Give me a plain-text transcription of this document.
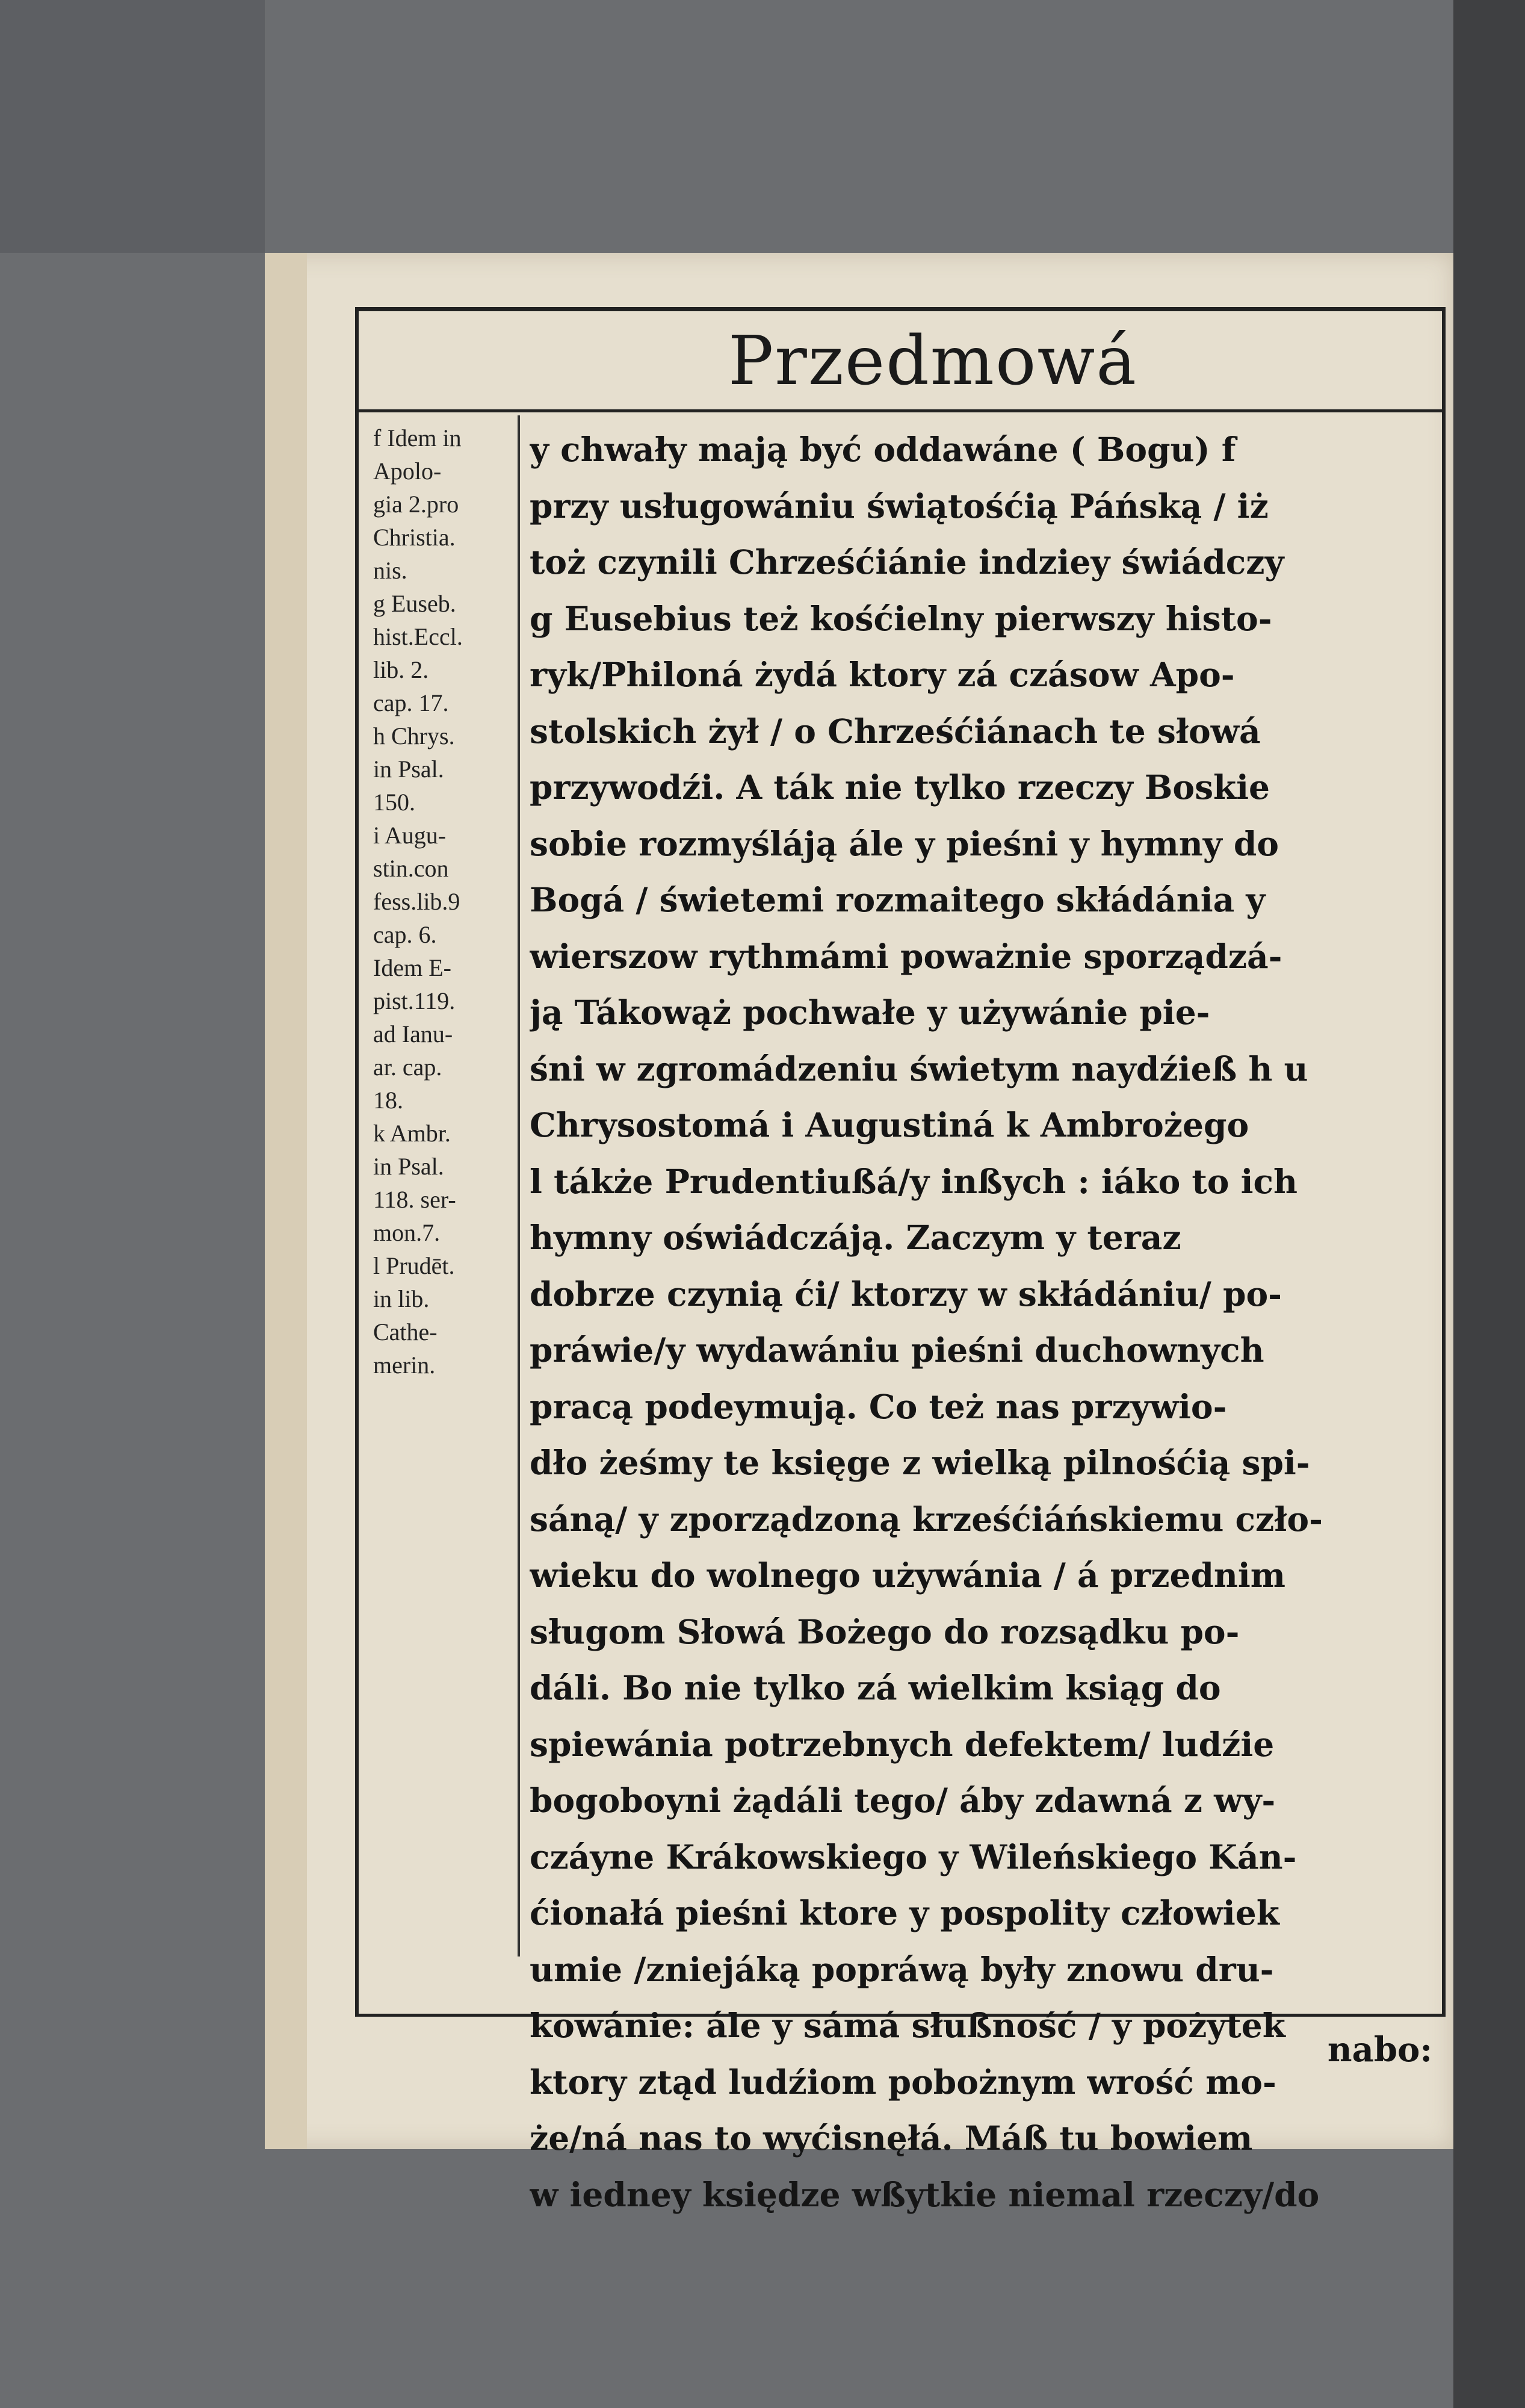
Przedmowá
f Idem in
Apolo-
gia 2.pro
Christia.
nis.
g Euseb.
hist.Eccl.
lib. 2.
cap. 17.
h Chrys.
in Psal.
150.
i Augu-
stin.con
fess.lib.9
cap. 6.
Idem E-
pist.119.
ad Ianu-
ar. cap.
18.
k Ambr.
in Psal.
118. ser-
mon.7.
l Prudēt.
in lib.
Cathe-
merin.
y chwały mają być oddawáne ( Bogu) f
przy usługowániu świątośćią Páńską / iż
toż czynili Chrześćiánie indziey świádczy
g Eusebius też kośćielny pierwszy histo-
ryk/Philoná żydá ktory zá czásow Apo-
stolskich żył / o Chrześćiánach te słowá
przywodźi. A ták nie tylko rzeczy Boskie
sobie rozmyśláją ále y pieśni y hymny do
Bogá / świetemi rozmaitego skłádánia y
wierszow rythmámi poważnie sporządzá-
ją Tákowąż pochwałe y używánie pie-
śni w zgromádzeniu świetym naydźieß h u
Chrysostomá i Augustiná k Ambrożego
l tákże Prudentiußá/y inßych : iáko to ich
hymny oświádczáją. Zaczym y teraz
dobrze czynią ći/ ktorzy w skłádániu/ po-
práwie/y wydawániu pieśni duchownych
pracą podeymują. Co też nas przywio-
dło żeśmy te księge z wielką pilnośćią spi-
sáną/ y zporządzoną krześćiáńskiemu czło-
wieku do wolnego używánia / á przednim
sługom Słowá Bożego do rozsądku po-
dáli. Bo nie tylko zá wielkim ksiąg do
spiewánia potrzebnych defektem/ ludźie
bogoboyni żądáli tego/ áby zdawná z wy-
czáyne Krákowskiego y Wileńskiego Kán-
ćionałá pieśni ktore y pospolity człowiek
umie /zniejáką popráwą były znowu dru-
kowánie: ále y sámá słußność / y pożytek
ktory ztąd ludźiom pobożnym wrość mo-
że/ná nas to wyćisnęłá. Máß tu bowiem
w iedney księdze wßytkie niemal rzeczy/do
nabo:
